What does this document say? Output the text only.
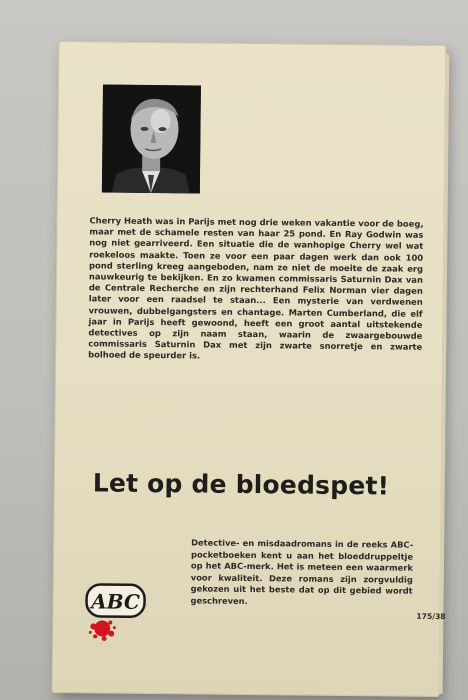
Cherry Heath was in Parijs met nog drie weken vakantie voor de boeg, maar met de schamele resten van haar 25 pond. En Ray Godwin was nog niet gearriveerd. Een situatie die de wanhopige Cherry wel wat roekeloos maakte. Toen ze voor een paar dagen werk dan ook 100 pond sterling kreeg aangeboden, nam ze niet de moeite de zaak erg nauwkeurig te bekijken. En zo kwamen commissaris Saturnin Dax van de Centrale Recherche en zijn rechterhand Felix Norman vier dagen later voor een raadsel te staan... Een mysterie van verdwenen vrouwen, dubbelgangsters en chantage. Marten Cumberland, die elf jaar in Parijs heeft gewoond, heeft een groot aantal uitstekende detectives op zijn naam staan, waarin de zwaargebouwde commissaris Saturnin Dax met zijn zwarte snorretje en zwarte bolhoed de speurder is.

Let op de bloedspet!

Detective- en misdaadromans in de reeks ABC-pocketboeken kent u aan het bloeddruppeltje op het ABC-merk. Het is meteen een waarmerk voor kwaliteit. Deze romans zijn zorgvuldig gekozen uit het beste dat op dit gebied wordt geschreven.

175/38

ABC
